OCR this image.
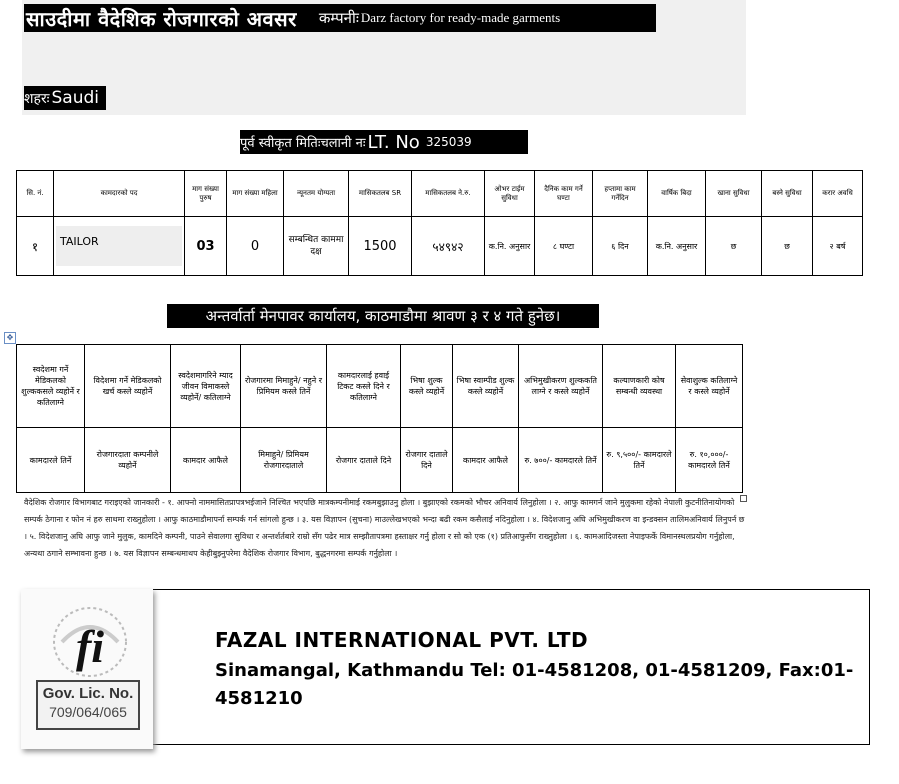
साउदीमा वैदेशिक रोजगारको अवसर कम्पनीः Darz factory for ready-made garments
शहरः Saudi
पूर्व स्वीकृत मितिःचलानी नः LT. No 325039
सि. नं.	कामदारको पद	माग संख्या पुरुष	माग संख्या महिला	न्यूनतम योग्यता	मासिकतलब SR	मासिकतलब ने.रु.	ओभर टाईम सुविधा	दैनिक काम गर्ने घण्टा	हप्तामा काम गर्नेदिन	वार्षिक बिदा	खाना सुविधा	बस्ने सुविधा	करार अवधि
१	TAILOR	03	0	सम्बन्धित काममा दक्ष	1500	५४९४२	क.नि. अनुसार	८ घण्टा	६ दिन	क.नि. अनुसार	छ	छ	२ बर्ष
अन्तर्वार्ता मेनपावर कार्यालय, काठमाडौमा श्रावण ३ र ४ गते हुनेछ।
✥
स्वदेशमा गर्ने मेडिकलको शुल्ककसले व्यहोर्ने र कतिलाग्ने	विदेशमा गर्ने मेडिकलको खर्च कस्ले व्यहोर्ने	स्वदेशमागरिने म्याद जीवन विमाकस्ले व्यहोर्ने/ कतिलाग्ने	रोजगारमा मिमाहुने/ नहुने र प्रिमियम कस्ले तिर्ने	कामदारलाई हवाई टिकट कस्ले दिने र कतिलाग्ने	भिषा शुल्क कस्ले व्यहोर्ने	भिषा स्वाम्पीड शुल्क कस्ले व्यहोर्ने	अभिमुखीकरण शुल्ककति लाग्ने र कस्ले व्यहोर्ने	कल्याणकारी कोष सम्बन्धी व्यवस्था	सेवाशुल्क कतिलाग्ने र कस्ले व्यहोर्ने
कामदारले तिर्ने	रोजगारदाता कम्पनीले व्यहोर्ने	कामदार आफैले	मिमाहुने/ प्रिमियम रोजगारदाताले	रोजगार दाताले दिने	रोजगार दाताले दिने	कामदार आफैले	रु. ७००/- कामदारले तिर्ने	रु. ९,५००/- कामदारले तिर्ने	रु. १०,०००/- कामदारले तिर्ने
वैदेशिक रोजगार विभागबाट गराइएको जानकारी - १. आफ्नो नाममासितप्रापत्रभईजाने निश्चित भएपछि मात्रकम्पनीमाई रकमबुझाउनु होला । बुझाएको रकमको भौचर अनिवार्य लिनुहोला । २. आफु कामगर्न जाने मुलुकमा रहेको नेपाली कुटनीतिनायोगको सम्पर्क ठेगाना र फोन नं हरु साथमा राख्नुहोला । आफु काठमाडौमापर्ना सम्पर्क गर्न सांगलो हुन्छ । ३. यस विज्ञापन (सुचना) माउल्लेखभएको भन्दा बढी रकम कसैलाई नदिनुहोला । ४. विदेशजानु अघि अभिमुखीकरण वा इन्डक्सन तालिमअनिवार्य लिनुपर्न छ । ५. विदेशजानु अघि आफु जाने मुलुक, कामदिने कम्पनी, पाउने सेवालगा सुविधा र अन्तर्शर्तबारे राम्रो सँग पढेर मात्र सम्झौतापत्रमा हस्ताक्षर गर्नु होला र सो को एक (१) प्रतिआफुसँग राख्नुहोला । ६. कामआदिजस्ता नेपाइफर्के विमानस्थलप्रयोग गर्नुहोला, अन्यथा ठगाने सम्भावना हुन्छ । ७. यस विज्ञापन सम्बन्धमाथप केहीबुझ्नुपरेमा वैदेशिक रोजगार विभाग, बुद्धनगरमा सम्पर्क गर्नुहोला ।
fi
Gov. Lic. No.
709/064/065
FAZAL INTERNATIONAL PVT. LTD
Sinamangal, Kathmandu Tel: 01-4581208, 01-4581209, Fax:01-4581210
